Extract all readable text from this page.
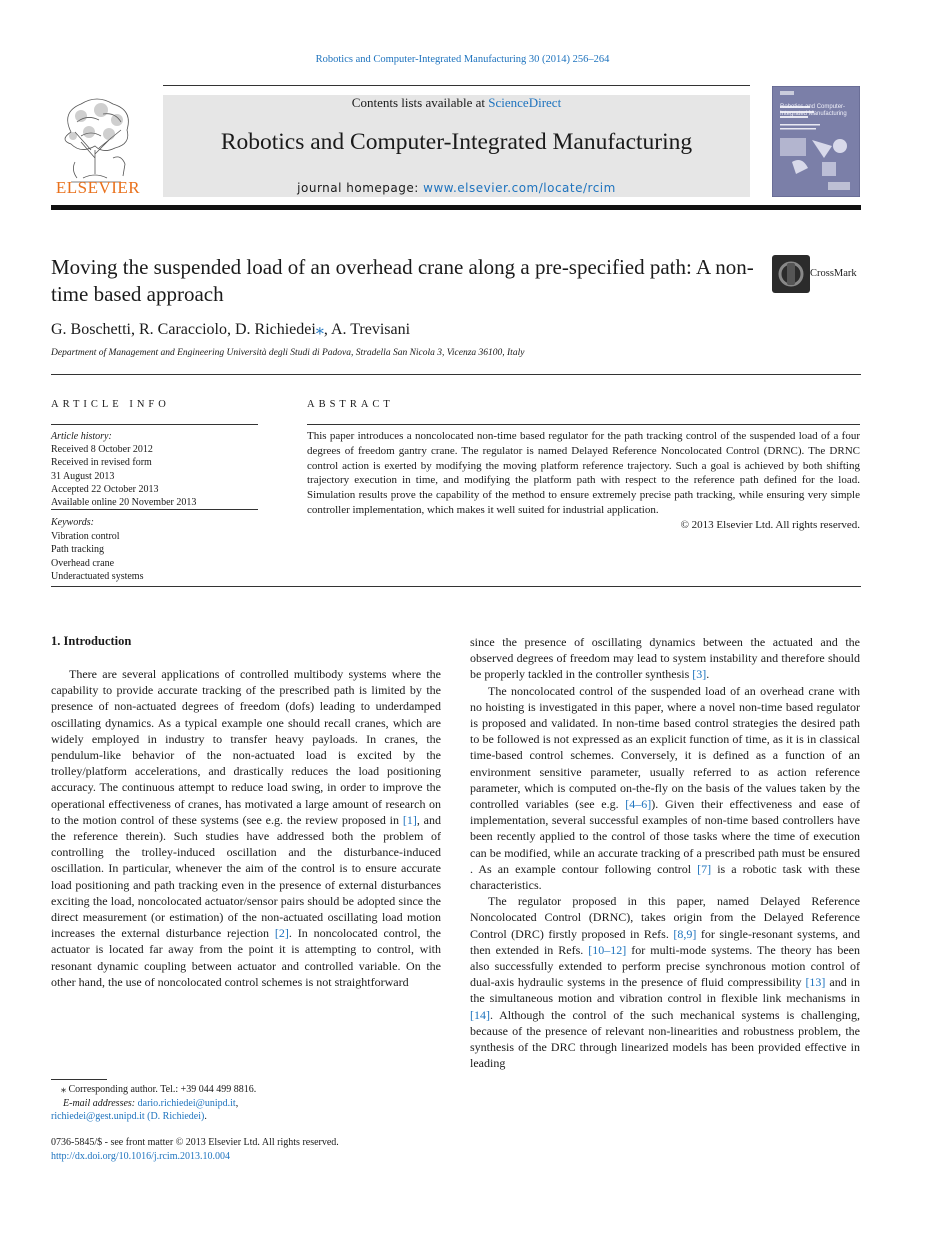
Robotics and Computer-Integrated Manufacturing 30 (2014) 256–264
ELSEVIER
Contents lists available at ScienceDirect
Robotics and Computer-Integrated Manufacturing
journal homepage: www.elsevier.com/locate/rcim
Robotics and Computer-Integrated Manufacturing
Moving the suspended load of an overhead crane along a pre-specified path: A non-time based approach
CrossMark
G. Boschetti, R. Caracciolo, D. Richiedei⁎, A. Trevisani
Department of Management and Engineering Università degli Studi di Padova, Stradella San Nicola 3, Vicenza 36100, Italy
ARTICLE INFO	ABSTRACT
Article history:
Received 8 October 2012
Received in revised form
31 August 2013
Accepted 22 October 2013
Available online 20 November 2013
Keywords:
Vibration control
Path tracking
Overhead crane
Underactuated systems
This paper introduces a noncolocated non-time based regulator for the path tracking control of the suspended load of a four degrees of freedom gantry crane. The regulator is named Delayed Reference Noncolocated Control (DRNC). The DRNC control action is exerted by modifying the moving platform reference trajectory. Such a goal is achieved by both shifting trajectory execution in time, and modifying the platform path with respect to the reference path defined for the load. Simulation results prove the capability of the method to ensure extremely precise path tracking, while ensuring very simple controller implementation, which makes it well suited for industrial application.
© 2013 Elsevier Ltd. All rights reserved.
1. Introduction
There are several applications of controlled multibody systems where the capability to provide accurate tracking of the prescribed path is limited by the presence of non-actuated degrees of freedom (dofs) leading to underdamped oscillating dynamics. As a typical example one should recall cranes, which are widely employed in industry to transfer heavy payloads. In cranes, the pendulum-like behavior of the non-actuated load is excited by the trolley/platform accelerations, and drastically reduces the load positioning accuracy. The continuous attempt to reduce load swing, in order to improve the operational effectiveness of cranes, has motivated a large amount of research on to the motion control of these systems (see e.g. the review proposed in [1], and the reference therein). Such studies have addressed both the problem of controlling the trolley-induced oscillation and the disturbance-induced oscillation. In particular, whenever the aim of the control is to ensure accurate load positioning and path tracking even in the presence of external disturbances exciting the load, noncolocated actuator/sensor pairs should be adopted since the direct measurement (or estimation) of the non-actuated oscillating load motion increases the external disturbance rejection [2]. In noncolocated control, the actuator is located far away from the point it is attempting to control, with resonant dynamic coupling between actuator and controlled variable. On the other hand, the use of noncolocated control schemes is not straightforward

since the presence of oscillating dynamics between the actuated and the observed degrees of freedom may lead to system instability and therefore should be properly tackled in the controller synthesis [3].

The noncolocated control of the suspended load of an overhead crane with no hoisting is investigated in this paper, where a novel non-time based regulator is proposed and validated. In non-time based control strategies the desired path to be followed is not expressed as an explicit function of time, as it is in classical time-based control schemes. Conversely, it is defined as a function of an environment sensitive parameter, usually referred to as action reference parameter, which is computed on-the-fly on the basis of the values taken by the controlled variables (see e.g. [4–6]). Given their effectiveness and ease of implementation, several successful examples of non-time based controllers have been recently applied to the control of those tasks where the time of execution can be modified, while an accurate tracking of a prescribed path must be ensured . As an example contour following control [7] is a robotic task with these characteristics.

The regulator proposed in this paper, named Delayed Reference Noncolocated Control (DRNC), takes origin from the Delayed Reference Control (DRC) firstly proposed in Refs. [8,9] for single-resonant systems, and then extended in Refs. [10–12] for multi-mode systems. The theory has been also successfully extended to perform precise synchronous motion control of dual-axis hydraulic systems in the presence of fluid compressibility [13] and in the simultaneous motion and vibration control in flexible link mechanisms in [14]. Although the control of the such mechanical systems is challenging, because of the presence of relevant non-linearities and robustness problem, the synthesis of the DRC through linearized models has been provided effective in leading

⁎ Corresponding author. Tel.: +39 044 499 8816.
E-mail addresses: dario.richiedei@unipd.it,
richiedei@gest.unipd.it (D. Richiedei).
0736-5845/$ - see front matter © 2013 Elsevier Ltd. All rights reserved.
http://dx.doi.org/10.1016/j.rcim.2013.10.004
